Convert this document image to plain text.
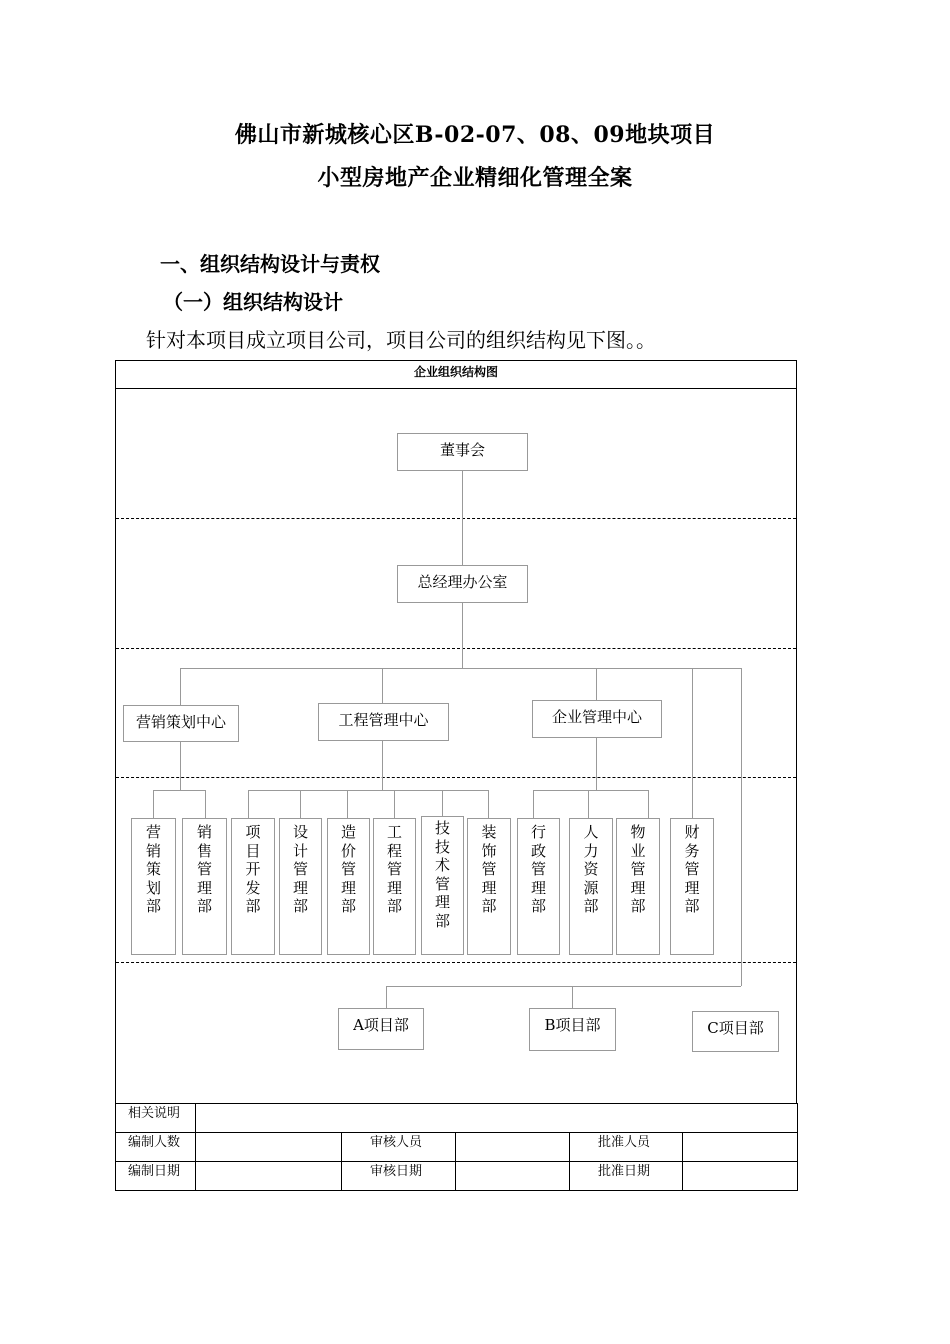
佛山市新城核心区B-02-07、08、09地块项目
小型房地产企业精细化管理全案
一、组织结构设计与责权
（一）组织结构设计
针对本项目成立项目公司，项目公司的组织结构见下图。。
企业组织结构图
董事会
总经理办公室
营销策划中心	工程管理中心	企业管理中心
营销策划部
销售管理部
项目开发部
设计管理部
造价管理部
工程管理部
技技术管理部
装饰管理部
行政管理部
人力资源部
物业管理部
财务管理部
A项目部	B项目部	C项目部
相关说明					
编制人数		审核人员		批准人员	
编制日期		审核日期		批准日期	
